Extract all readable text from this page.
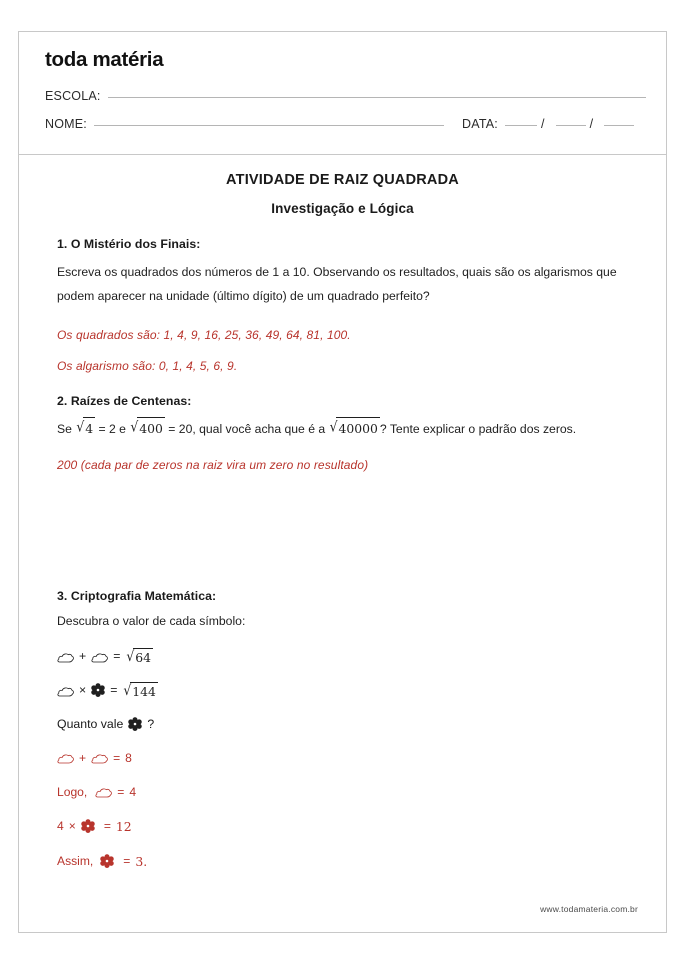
toda matéria
ESCOLA:
NOME:	DATA:	/	/
ATIVIDADE DE RAIZ QUADRADA
Investigação e Lógica
1. O Mistério dos Finais:
Escreva os quadrados dos números de 1 a 10. Observando os resultados, quais são os algarismos que podem aparecer na unidade (último dígito) de um quadrado perfeito?
Os quadrados são: 1, 4, 9, 16, 25, 36, 49, 64, 81, 100.
Os algarismo são: 0, 1, 4, 5, 6, 9.
2. Raízes de Centenas:
Se √4 = 2 e √400 = 20, qual você acha que é a √40000 ? Tente explicar o padrão dos zeros.
200 (cada par de zeros na raiz vira um zero no resultado)
3. Criptografia Matemática:
Descubra o valor de cada símbolo:
+ = √64
× = √144
Quanto vale ?
+ = 8
Logo, = 4
4 × = 12
Assim, = 3.
www.todamateria.com.br
